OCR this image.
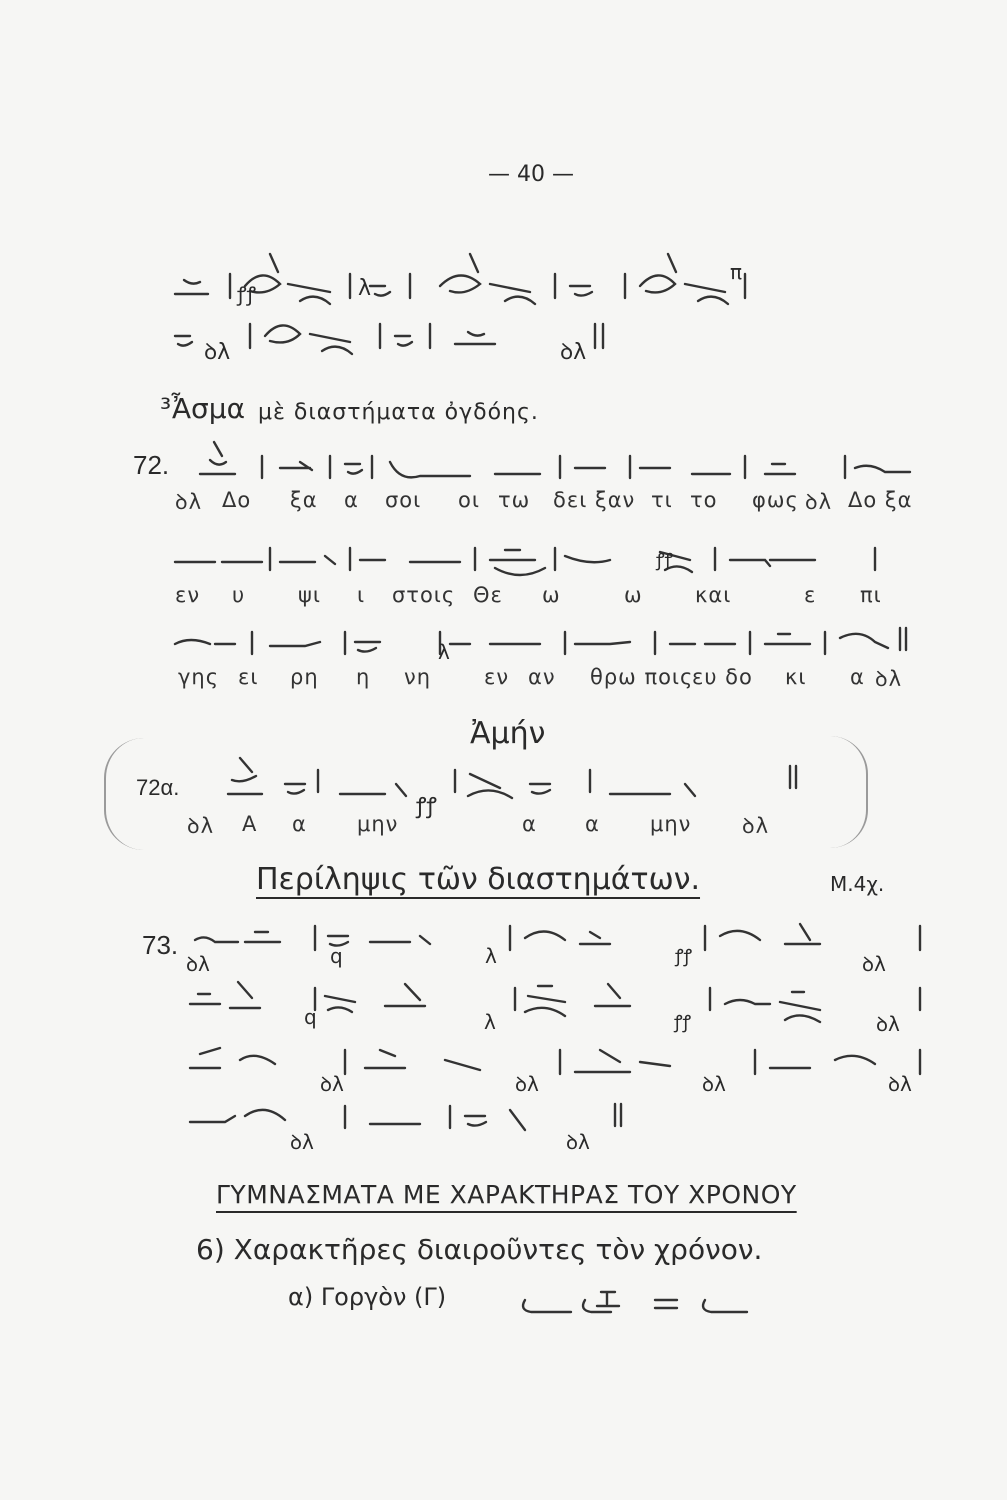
— 40 —
ꝭꝭ	λ
π
ꝺλ	ꝺλ
³Ἆσμα μὲ διαστήματα ὀγδόης.
72.
ꝺλ Δο ξα α σοι οι τω δει ξαν τι το φως ꝺλ Δο ξα
ꝭꝭ
εν υ	ψι ι στοις Θε ω	ω και	ε πι
λ
γης ει ρη η νη	εν αν θρω ποις
ευ δο κι α ꝺλ
Ἀμήν
72α.
ꝭꝭ
ꝺλ Α α μην	α α μην ꝺλ
Περίληψις τῶν διαστημάτων.	Μ.4χ.
73.
ꝺλ	q	λ	ꝭꝭ	ꝺλ
q	λ	ꝭꝭ	ꝺλ
ꝺλ	ꝺλ	ꝺλ	ꝺλ
ꝺλ	ꝺλ
ΓΥΜΝΑΣΜΑΤΑ ΜΕ ΧΑΡΑΚΤΗΡΑΣ ΤΟΥ ΧΡΟΝΟΥ
6) Χαρακτῆρες διαιροῦντες τὸν χρόνον.
α) Γοργὸν (Γ)
